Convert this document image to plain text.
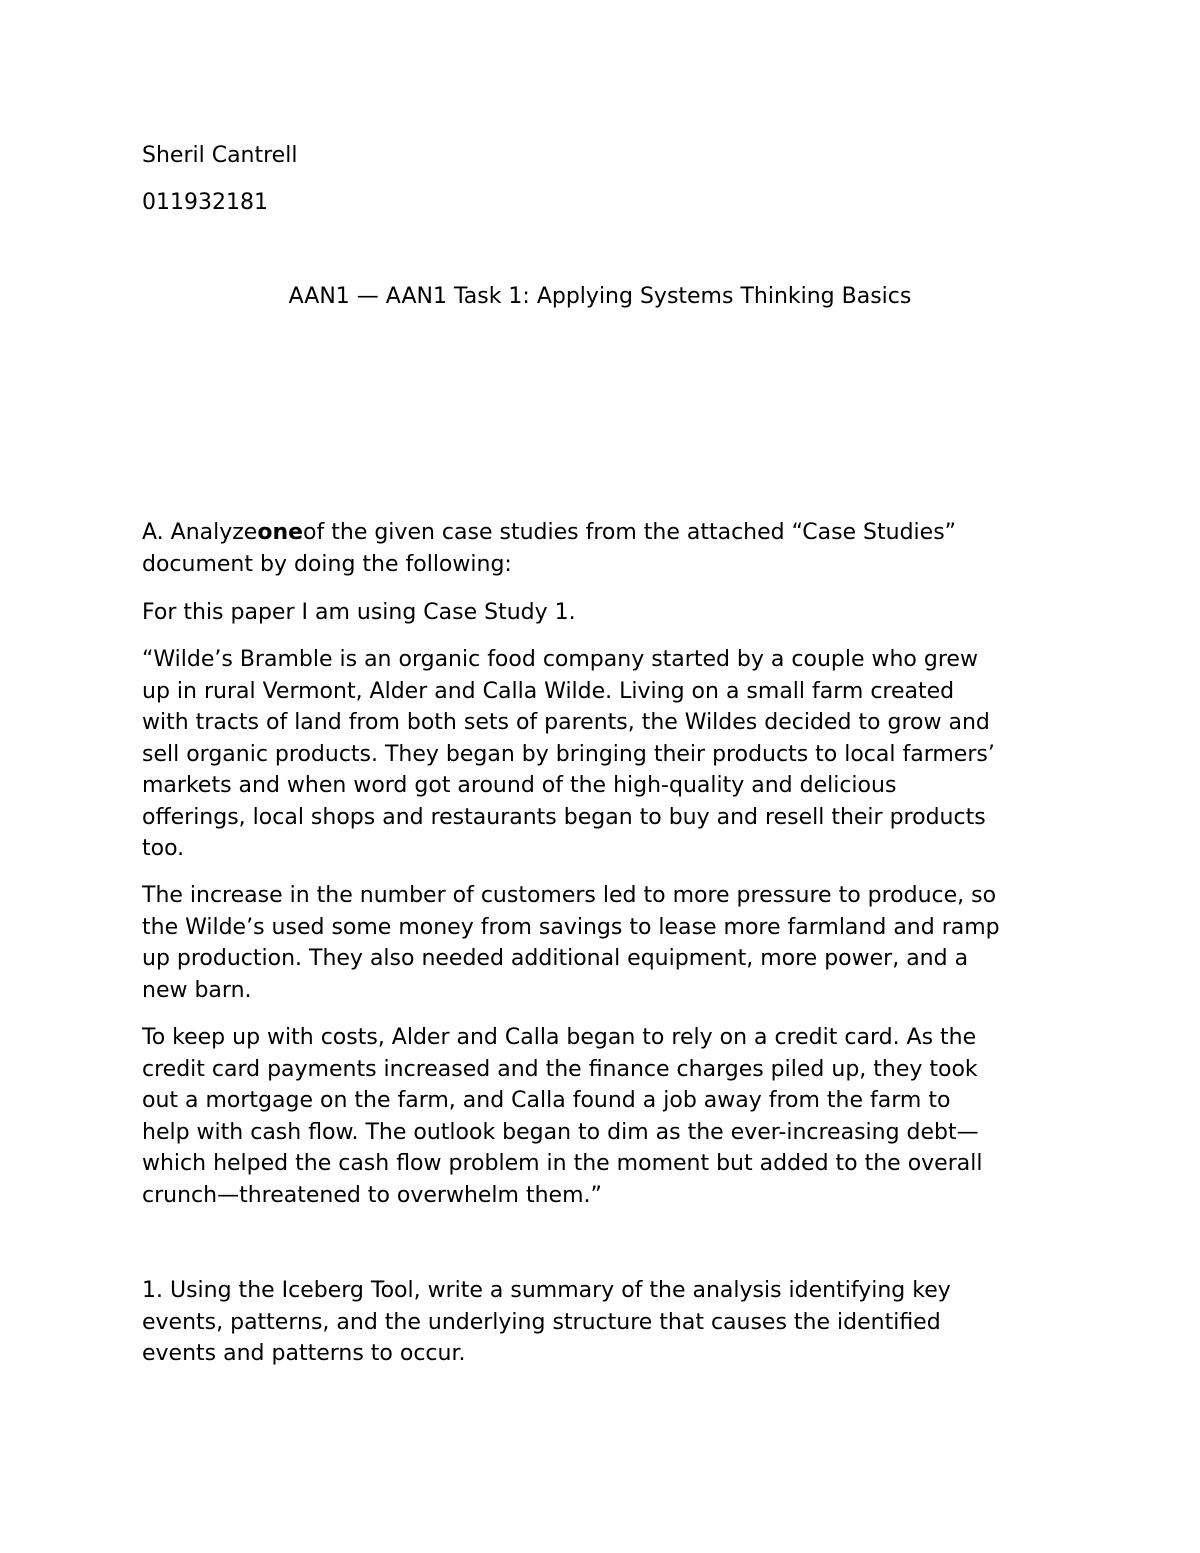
Sheril Cantrell

011932181

AAN1 — AAN1 Task 1: Applying Systems Thinking Basics

A. Analyzeoneof the given case studies from the attached “Case Studies”
document by doing the following:

For this paper I am using Case Study 1.

“Wilde’s Bramble is an organic food company started by a couple who grew
up in rural Vermont, Alder and Calla Wilde. Living on a small farm created
with tracts of land from both sets of parents, the Wildes decided to grow and
sell organic products. They began by bringing their products to local farmers’
markets and when word got around of the high-quality and delicious
offerings, local shops and restaurants began to buy and resell their products
too.
The increase in the number of customers led to more pressure to produce, so
the Wilde’s used some money from savings to lease more farmland and ramp
up production. They also needed additional equipment, more power, and a
new barn.
To keep up with costs, Alder and Calla began to rely on a credit card. As the
credit card payments increased and the finance charges piled up, they took
out a mortgage on the farm, and Calla found a job away from the farm to
help with cash flow. The outlook began to dim as the ever-increasing debt—
which helped the cash flow problem in the moment but added to the overall
crunch—threatened to overwhelm them.”
1. Using the Iceberg Tool, write a summary of the analysis identifying key
events, patterns, and the underlying structure that causes the identified
events and patterns to occur.
